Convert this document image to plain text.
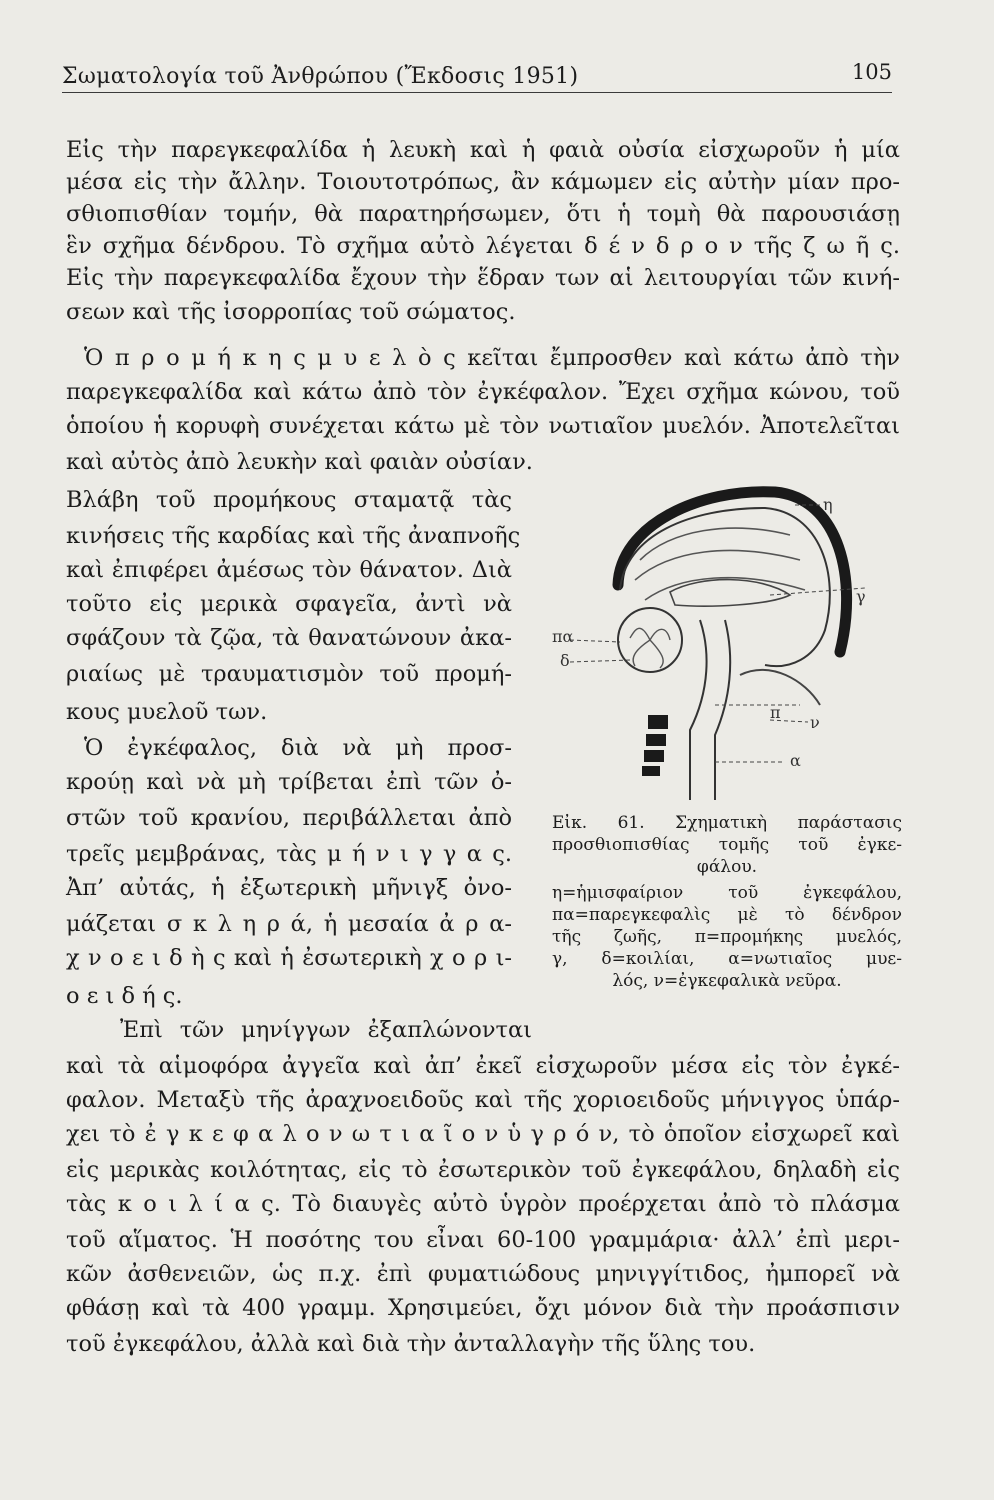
Σωματολογία τοῦ Ἀνθρώπου (Ἔκδοσις 1951)	105
Εἰς τὴν παρεγκεφαλίδα ἡ λευκὴ καὶ ἡ φαιὰ οὐσία εἰσχωροῦν ἡ μία
μέσα εἰς τὴν ἄλλην. Τοιουτοτρόπως, ἂν κάμωμεν εἰς αὐτὴν μίαν προ-
σθιοπισθίαν τομήν, θὰ παρατηρήσωμεν, ὅτι ἡ τομὴ θὰ παρουσιάσῃ
ἓν σχῆμα δένδρου. Τὸ σχῆμα αὐτὸ λέγεται δ έ ν δ ρ ο ν τῆς ζ ω ῆ ς.
Εἰς τὴν παρεγκεφαλίδα ἔχουν τὴν ἕδραν των αἱ λειτουργίαι τῶν κινή-
σεων καὶ τῆς ἰσορροπίας τοῦ σώματος.
Ὁ π ρ ο μ ή κ η ς μ υ ε λ ὸ ς κεῖται ἔμπροσθεν καὶ κάτω ἀπὸ τὴν
παρεγκεφαλίδα καὶ κάτω ἀπὸ τὸν ἐγκέφαλον. Ἔχει σχῆμα κώνου, τοῦ
ὁποίου ἡ κορυφὴ συνέχεται κάτω μὲ τὸν νωτιαῖον μυελόν. Ἀποτελεῖται
καὶ αὐτὸς ἀπὸ λευκὴν καὶ φαιὰν οὐσίαν.
Βλάβη τοῦ προμήκους σταματᾷ τὰς
κινήσεις τῆς καρδίας καὶ τῆς ἀναπνοῆς
καὶ ἐπιφέρει ἀμέσως τὸν θάνατον. Διὰ
τοῦτο εἰς μερικὰ σφαγεῖα, ἀντὶ νὰ
σφάζουν τὰ ζῷα, τὰ θανατώνουν ἀκα-
ριαίως μὲ τραυματισμὸν τοῦ προμή-
κους μυελοῦ των.
Ὁ ἐγκέφαλος, διὰ νὰ μὴ προσ-
κρούῃ καὶ νὰ μὴ τρίβεται ἐπὶ τῶν ὀ-
στῶν τοῦ κρανίου, περιβάλλεται ἀπὸ
τρεῖς μεμβράνας, τὰς μ ή ν ι γ γ α ς.
Ἀπ’ αὐτάς, ἡ ἐξωτερικὴ μῆνιγξ ὀνο-
μάζεται σ κ λ η ρ ά, ἡ μεσαία ἀ ρ α-
χ ν ο ε ι δ ὴ ς καὶ ἡ ἐσωτερικὴ χ ο ρ ι-
ο ε ι δ ή ς.
Ἐπὶ τῶν μηνίγγων ἐξαπλώνονται
καὶ τὰ αἱμοφόρα ἀγγεῖα καὶ ἀπ’ ἐκεῖ εἰσχωροῦν μέσα εἰς τὸν ἐγκέ-
φαλον. Μεταξὺ τῆς ἀραχνοειδοῦς καὶ τῆς χοριοειδοῦς μήνιγγος ὑπάρ-
χει τὸ ἐ γ κ ε φ α λ ο ν ω τ ι α ῖ ο ν ὑ γ ρ ό ν, τὸ ὁποῖον εἰσχωρεῖ καὶ
εἰς μερικὰς κοιλότητας, εἰς τὸ ἐσωτερικὸν τοῦ ἐγκεφάλου, δηλαδὴ εἰς
τὰς κ ο ι λ ί α ς. Τὸ διαυγὲς αὐτὸ ὑγρὸν προέρχεται ἀπὸ τὸ πλάσμα
τοῦ αἵματος. Ἡ ποσότης του εἶναι 60-100 γραμμάρια· ἀλλ’ ἐπὶ μερι-
κῶν ἀσθενειῶν, ὡς π.χ. ἐπὶ φυματιώδους μηνιγγίτιδος, ἠμπορεῖ νὰ
φθάσῃ καὶ τὰ 400 γραμμ. Χρησιμεύει, ὄχι μόνον διὰ τὴν προάσπισιν
τοῦ ἐγκεφάλου, ἀλλὰ καὶ διὰ τὴν ἀνταλλαγὴν τῆς ὕλης του.
η
γ
πα
δ
π
ν
α
Εἰκ. 61. Σχηματικὴ παράστασις
προσθιοπισθίας τομῆς τοῦ ἐγκε-
φάλου.
η=ἡμισφαίριον τοῦ ἐγκεφάλου,
πα=παρεγκεφαλὶς μὲ τὸ δένδρον
τῆς ζωῆς, π=προμήκης μυελός,
γ, δ=κοιλίαι, α=νωτιαῖος μυε-
λός, ν=ἐγκεφαλικὰ νεῦρα.
